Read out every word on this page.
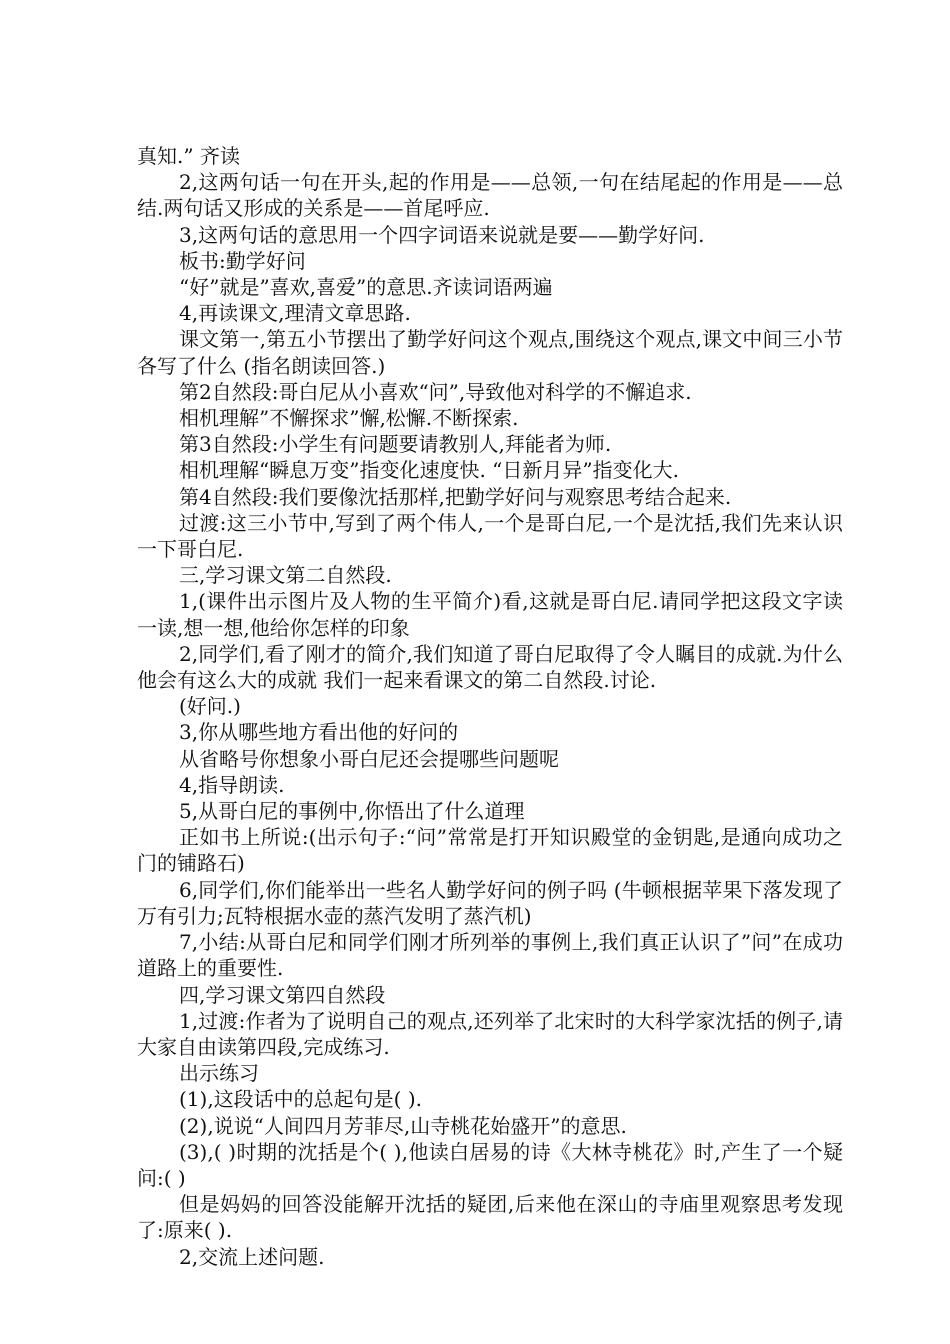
真知.” 齐读

2,这两句话一句在开头,起的作用是——总领,一句在结尾起的作用是——总结.两句话又形成的关系是——首尾呼应.

3,这两句话的意思用一个四字词语来说就是要——勤学好问.

板书:勤学好问

“好”就是”喜欢,喜爱”的意思.齐读词语两遍

4,再读课文,理清文章思路.

课文第一,第五小节摆出了勤学好问这个观点,围绕这个观点,课文中间三小节各写了什么 (指名朗读回答.)

第2自然段:哥白尼从小喜欢“问”,导致他对科学的不懈追求.

相机理解”不懈探求”懈,松懈.不断探索.

第3自然段:小学生有问题要请教别人,拜能者为师.

相机理解“瞬息万变”指变化速度快. “日新月异”指变化大.

第4自然段:我们要像沈括那样,把勤学好问与观察思考结合起来.

过渡:这三小节中,写到了两个伟人,一个是哥白尼,一个是沈括,我们先来认识一下哥白尼.

三,学习课文第二自然段.

1,(课件出示图片及人物的生平简介)看,这就是哥白尼.请同学把这段文字读一读,想一想,他给你怎样的印象

2,同学们,看了刚才的简介,我们知道了哥白尼取得了令人瞩目的成就.为什么他会有这么大的成就 我们一起来看课文的第二自然段.讨论.

(好问.)

3,你从哪些地方看出他的好问的

从省略号你想象小哥白尼还会提哪些问题呢

4,指导朗读.

5,从哥白尼的事例中,你悟出了什么道理

正如书上所说:(出示句子:“问”常常是打开知识殿堂的金钥匙,是通向成功之门的铺路石)

6,同学们,你们能举出一些名人勤学好问的例子吗 (牛顿根据苹果下落发现了万有引力;瓦特根据水壶的蒸汽发明了蒸汽机)

7,小结:从哥白尼和同学们刚才所列举的事例上,我们真正认识了”问”在成功道路上的重要性.

四,学习课文第四自然段

1,过渡:作者为了说明自己的观点,还列举了北宋时的大科学家沈括的例子,请大家自由读第四段,完成练习.

出示练习

(1),这段话中的总起句是( ).

(2),说说“人间四月芳菲尽,山寺桃花始盛开”的意思.

(3),( )时期的沈括是个( ),他读白居易的诗《大林寺桃花》时,产生了一个疑问:( )

但是妈妈的回答没能解开沈括的疑团,后来他在深山的寺庙里观察思考发现了:原来( ).

2,交流上述问题.
